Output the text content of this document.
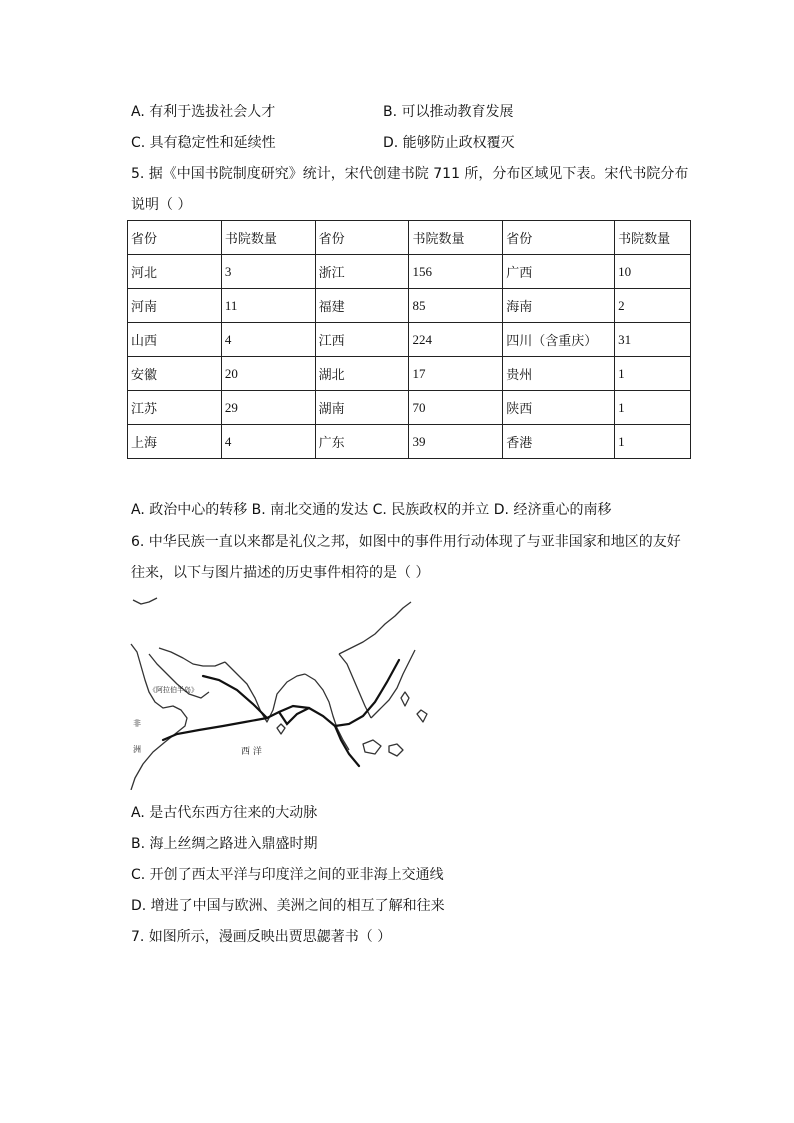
A. 有利于选拔社会人才	B. 可以推动教育发展
C. 具有稳定性和延续性	D. 能够防止政权覆灭
5. 据《中国书院制度研究》统计，宋代创建书院 711 所，分布区域见下表。宋代书院分布
说明（ ）
省份	书院数量	省份	书院数量	省份	书院数量
河北	3	浙江	156	广西	10
河南	11	福建	85	海南	2
山西	4	江西	224	四川（含重庆）	31
安徽	20	湖北	17	贵州	1
江苏	29	湖南	70	陕西	1
上海	4	广东	39	香港	1
A. 政治中心的转移 B. 南北交通的发达 C. 民族政权的并立 D. 经济重心的南移
6. 中华民族一直以来都是礼仪之邦，如图中的事件用行动体现了与亚非国家和地区的友好
往来，以下与图片描述的历史事件相符的是（ ）
《阿拉伯半岛》
西 洋
非
洲
A. 是古代东西方往来的大动脉
B. 海上丝绸之路进入鼎盛时期
C. 开创了西太平洋与印度洋之间的亚非海上交通线
D. 增进了中国与欧洲、美洲之间的相互了解和往来
7. 如图所示，漫画反映出贾思勰著书（ ）
